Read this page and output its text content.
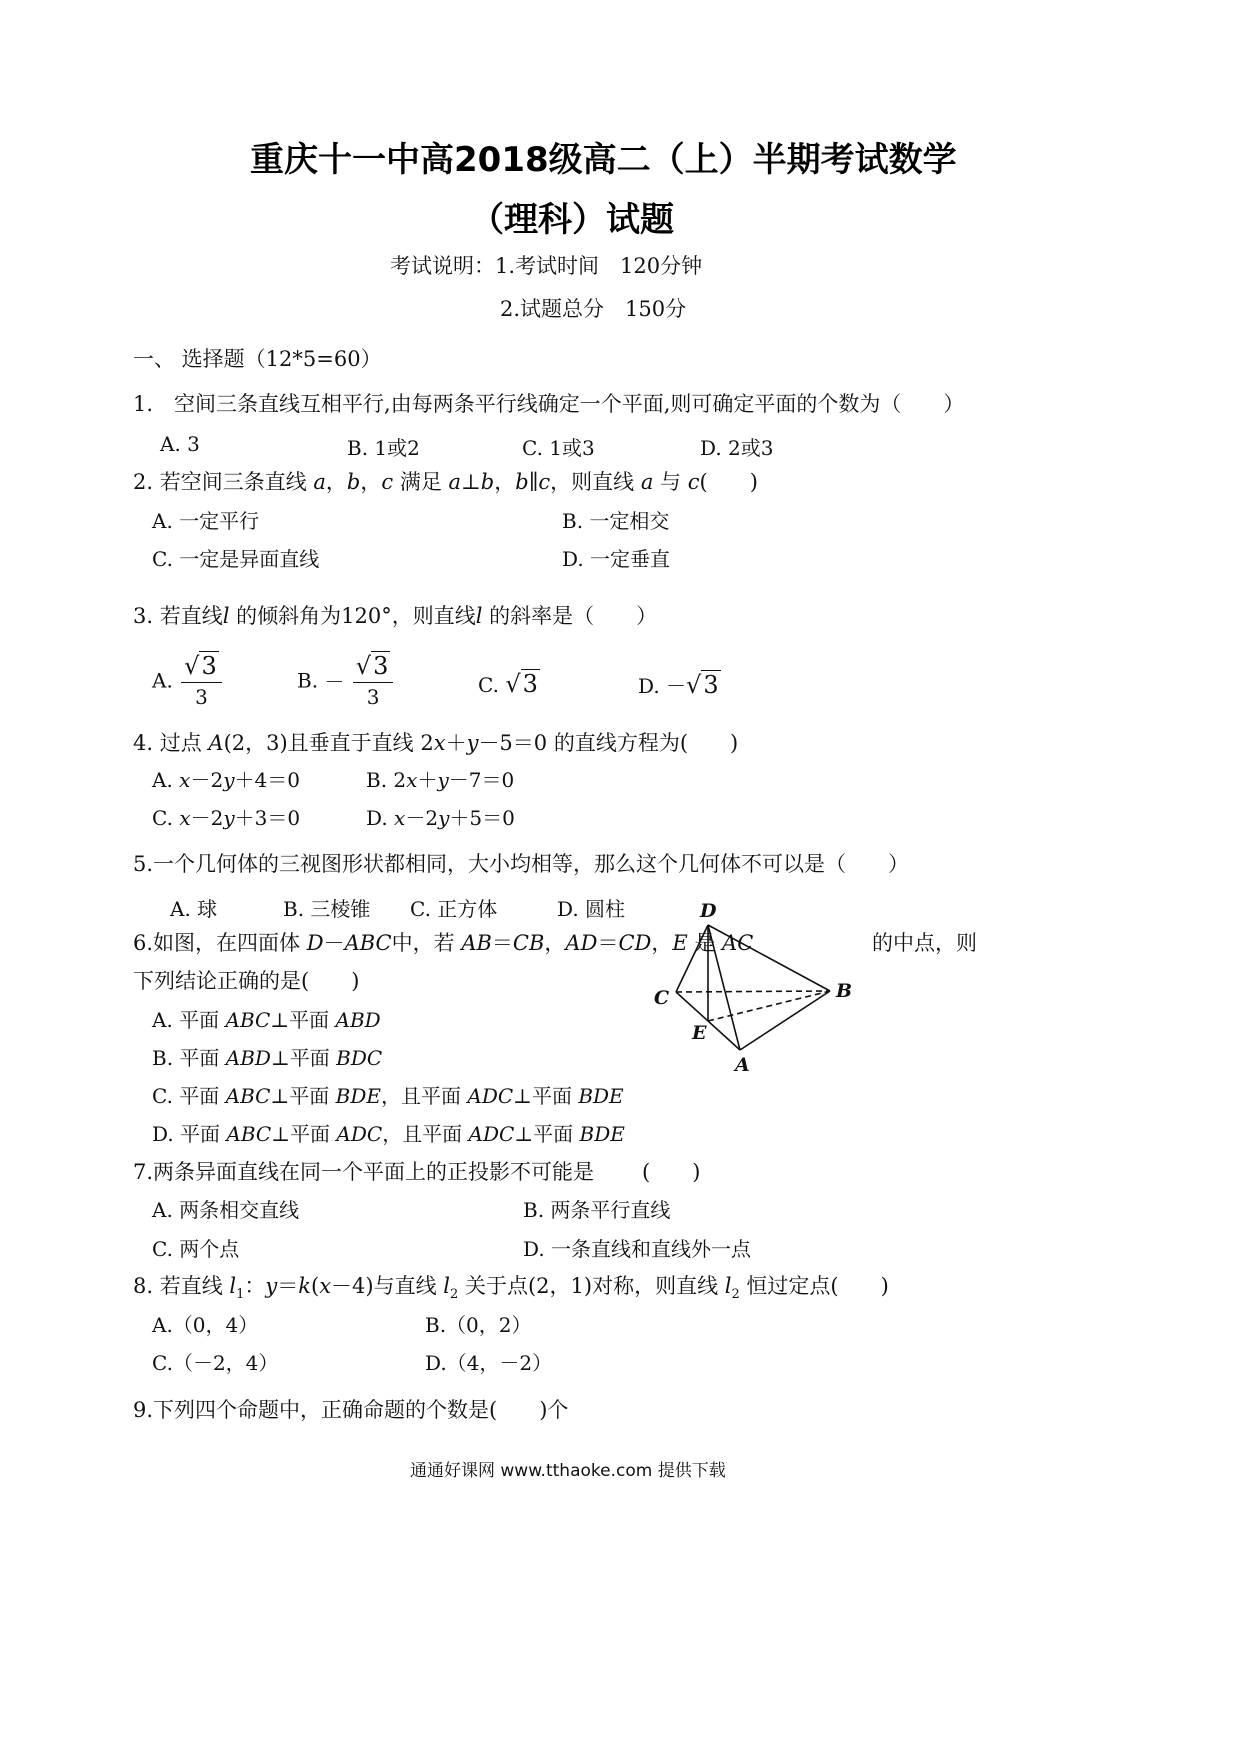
重庆十一中高2018级高二（上）半期考试数学
（理科）试题
考试说明：1.考试时间　120分钟
2.试题总分　150分
一、 选择题（12*5=60）
1.　空间三条直线互相平行,由每两条平行线确定一个平面,则可确定平面的个数为（　　）
A. 3	B. 1或2	C. 1或3	D. 2或3
2. 若空间三条直线 a，b，c 满足 a⊥b，b∥c，则直线 a 与 c(　　)
A. 一定平行	B. 一定相交
C. 一定是异面直线	D. 一定垂直
3. 若直线l 的倾斜角为120°，则直线l 的斜率是（　　）
A. $\frac{√3}{3}$	B. － $\frac{√3}{3}$	C. √3	D. －√3
4. 过点 A(2，3)且垂直于直线 2x＋y－5＝0 的直线方程为(　　)
A. x－2y＋4＝0	B. 2x＋y－7＝0
C. x－2y＋3＝0	D. x－2y＋5＝0
5.一个几何体的三视图形状都相同，大小均相等，那么这个几何体不可以是（　　）
A. 球	B. 三棱锥 C. 正方体	D. 圆柱
6.如图，在四面体 D－ABC中，若 AB＝CB，AD＝CD，E 是 AC	的中点，则
下列结论正确的是(　　)
A. 平面 ABC⊥平面 ABD
B. 平面 ABD⊥平面 BDC
C. 平面 ABC⊥平面 BDE，且平面 ADC⊥平面 BDE
D. 平面 ABC⊥平面 ADC，且平面 ADC⊥平面 BDE
D
C	B
E
A
7.两条异面直线在同一个平面上的正投影不可能是 (　　)
A. 两条相交直线	B. 两条平行直线
C. 两个点	D. 一条直线和直线外一点
8. 若直线 $l_1$：y＝k(x－4)与直线 $l_2$ 关于点(2，1)对称，则直线 $l_2$ 恒过定点(　　)
A.（0，4）	B.（0，2）
C.（－2，4）	D.（4，－2）
9.下列四个命题中，正确命题的个数是(　　)个
通通好课网 www.tthaoke.com 提供下载
